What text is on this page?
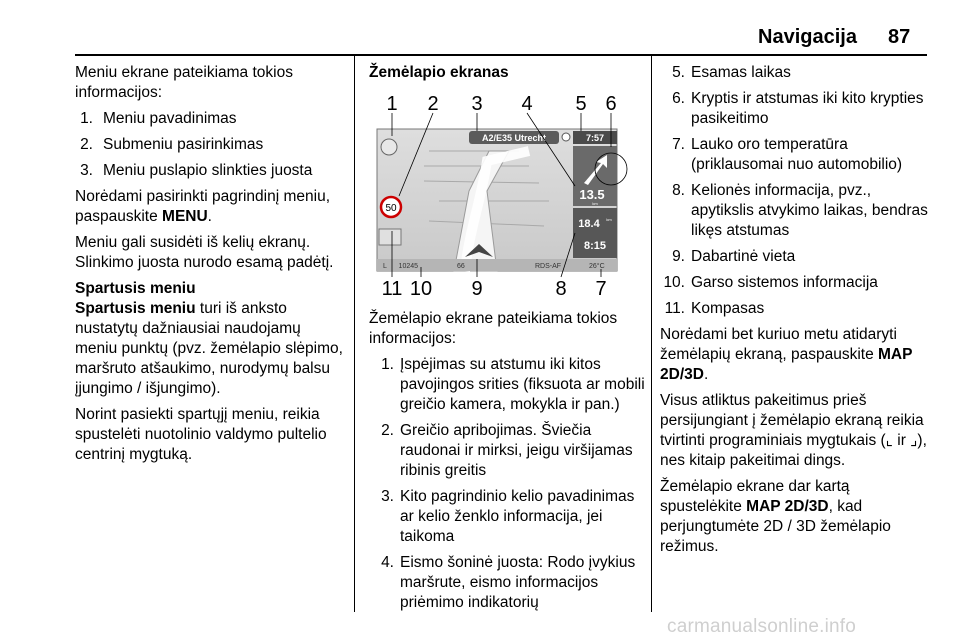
Navigacija 87

Meniu ekrane pateikiama tokios informacijos:

1. Meniu pavadinimas
2. Submeniu pasirinkimas
3. Meniu puslapio slinkties juosta

Norėdami pasirinkti pagrindinį meniu, paspauskite MENU.

Meniu gali susidėti iš kelių ekranų. Slinkimo juosta nurodo esamą padėtį.

Spartusis meniu

Spartusis meniu turi iš anksto nustatytų dažniausiai naudojamų meniu punktų (pvz. žemėlapio slėpimo, maršruto atšaukimo, nurodymų balsu įjungimo / išjungimo).

Norint pasiekti spartųjį meniu, reikia spustelėti nuotolinio valdymo pultelio centrinį mygtuką.

Žemėlapio ekranas

50
A2/E35 Utrecht	7:57
13.5
km
18.4 km
8:15
L      10245	66	RDS-AF	26°C
1 2 3 4 5 6
11 10 9	8 7

Žemėlapio ekrane pateikiama tokios informacijos:

1. Įspėjimas su atstumu iki kitos pavojingos srities (fiksuota ar mobili greičio kamera, mokykla ir pan.)
2. Greičio apribojimas. Šviečia raudonai ir mirksi, jeigu viršijamas ribinis greitis
3. Kito pagrindinio kelio pavadinimas ar kelio ženklo informacija, jei taikoma
4. Eismo šoninė juosta: Rodo įvykius maršrute, eismo informacijos priėmimo indikatorių
5. Esamas laikas
6. Kryptis ir atstumas iki kito krypties pasikeitimo
7. Lauko oro temperatūra (priklausomai nuo automobilio)
8. Kelionės informacija, pvz., apytikslis atvykimo laikas, bendras likęs atstumas
9. Dabartinė vieta
10. Garso sistemos informacija
11. Kompasas

Norėdami bet kuriuo metu atidaryti žemėlapių ekraną, paspauskite MAP 2D/3D.

Visus atliktus pakeitimus prieš persijungiant į žemėlapio ekraną reikia tvirtinti programiniais mygtukais (⌞ ir ⌟), nes kitaip pakeitimai dings.

Žemėlapio ekrane dar kartą spustelėkite MAP 2D/3D, kad perjungtumėte 2D / 3D žemėlapio režimus.

carmanualsonline.info
